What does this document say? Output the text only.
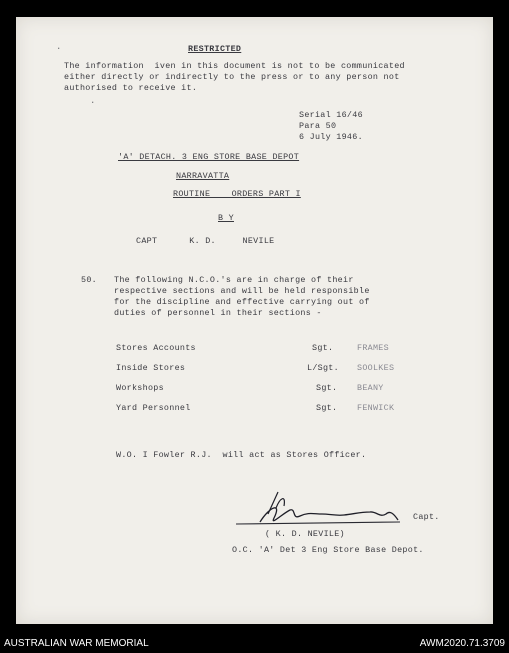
RESTRICTED
The information  iven in this document is not to be communicated
either directly or indirectly to the press or to any person not
authorised to receive it.
·
·
Serial 16/46
Para 50
6 July 1946.
'A' DETACH. 3 ENG STORE BASE DEPOT
NARRAVATTA
ROUTINE    ORDERS PART I
B Y
CAPT      K. D.     NEVILE
50. The following N.C.O.'s are in charge of their
respective sections and will be held responsible
for the discipline and effective carrying out of
duties of personnel in their sections -
Stores Accounts	Sgt.	FRAMES
Inside Stores	L/Sgt. SOOLKES
Workshops	Sgt. BEANY
Yard Personnel	Sgt. FENWICK
W.O. I Fowler R.J.  will act as Stores Officer.
Capt.
( K. D. NEVILE)
O.C. 'A' Det 3 Eng Store Base Depot.
AUSTRALIAN WAR MEMORIAL	AWM2020.71.3709
